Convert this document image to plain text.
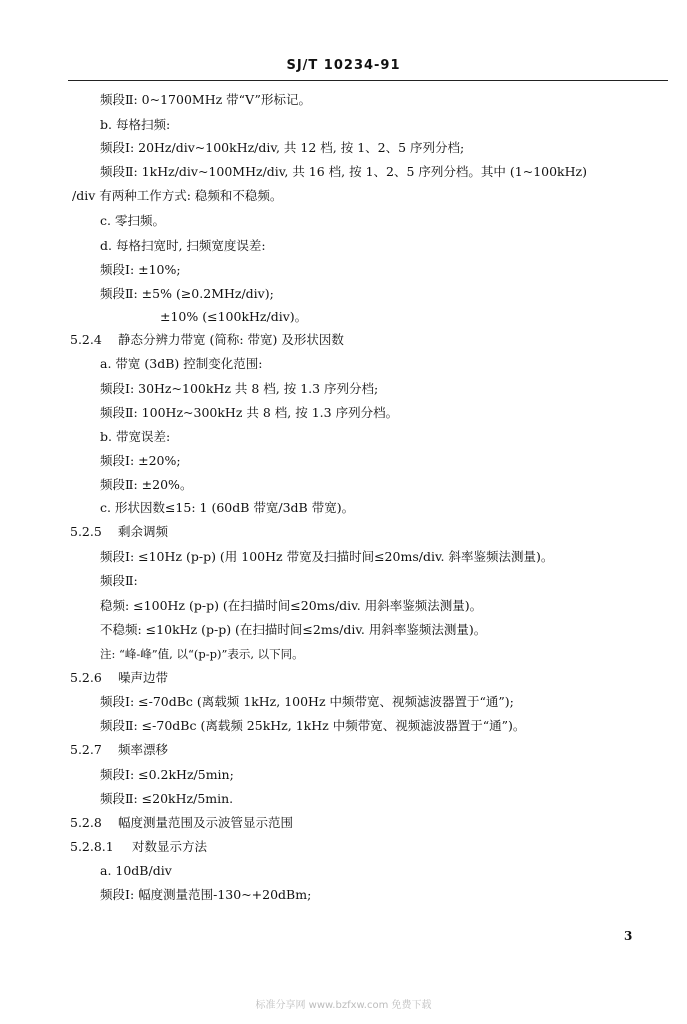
SJ/T 10234-91
频段Ⅱ: 0~1700MHz 带“V”形标记。
b. 每格扫频:
频段Ⅰ: 20Hz/div~100kHz/div, 共 12 档, 按 1、2、5 序列分档;
频段Ⅱ: 1kHz/div~100MHz/div, 共 16 档, 按 1、2、5 序列分档。其中 (1~100kHz)
/div 有两种工作方式: 稳频和不稳频。
c. 零扫频。
d. 每格扫宽时, 扫频宽度误差:
频段Ⅰ: ±10%;
频段Ⅱ: ±5% (≥0.2MHz/div);
±10% (≤100kHz/div)。
5.2.4 静态分辨力带宽 (简称: 带宽) 及形状因数
a. 带宽 (3dB) 控制变化范围:
频段Ⅰ: 30Hz~100kHz 共 8 档, 按 1.3 序列分档;
频段Ⅱ: 100Hz~300kHz 共 8 档, 按 1.3 序列分档。
b. 带宽误差:
频段Ⅰ: ±20%;
频段Ⅱ: ±20%。
c. 形状因数≤15: 1 (60dB 带宽/3dB 带宽)。
5.2.5 剩余调频
频段Ⅰ: ≤10Hz (p-p) (用 100Hz 带宽及扫描时间≤20ms/div. 斜率鉴频法测量)。
频段Ⅱ:
稳频: ≤100Hz (p-p) (在扫描时间≤20ms/div. 用斜率鉴频法测量)。
不稳频: ≤10kHz (p-p) (在扫描时间≤2ms/div. 用斜率鉴频法测量)。
注: “峰-峰”值, 以“(p-p)”表示, 以下同。
5.2.6 噪声边带
频段Ⅰ: ≤-70dBc (离载频 1kHz, 100Hz 中频带宽、视频滤波器置于“通”);
频段Ⅱ: ≤-70dBc (离载频 25kHz, 1kHz 中频带宽、视频滤波器置于“通”)。
5.2.7 频率漂移
频段Ⅰ: ≤0.2kHz/5min;
频段Ⅱ: ≤20kHz/5min.
5.2.8 幅度测量范围及示波管显示范围
5.2.8.1 对数显示方法
a. 10dB/div
频段Ⅰ: 幅度测量范围-130~+20dBm;
3
标准分享网 www.bzfxw.com 免费下载
